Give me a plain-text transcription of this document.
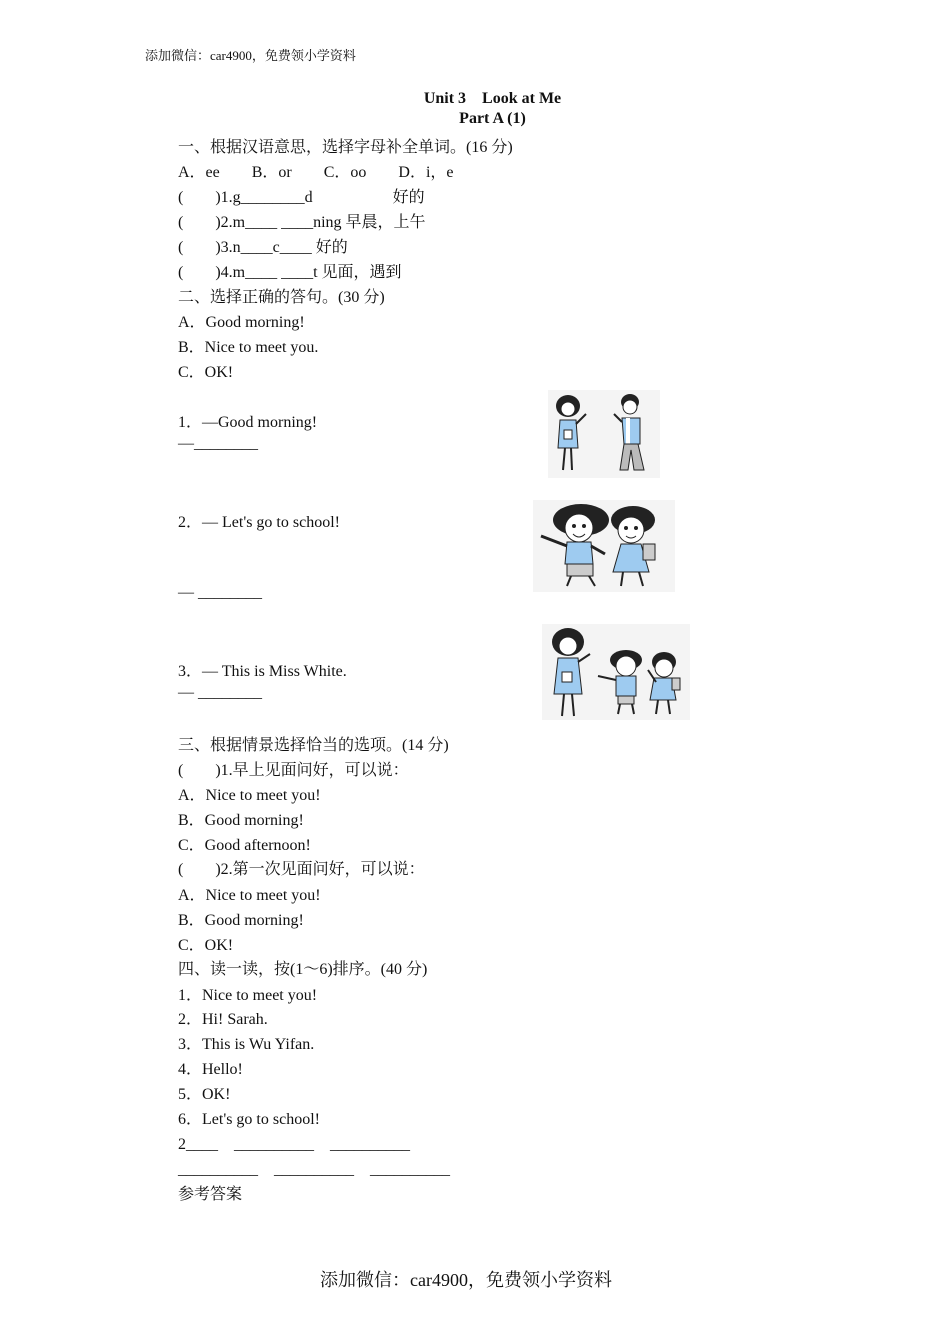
添加微信：car4900，免费领小学资料
Unit 3　Look at Me
Part A (1)
一、根据汉语意思，选择字母补全单词。(16 分)
A．ee　　B．or　　C．oo　　D．i，e
(　　)1.g________d　　　　　好的
(　　)2.m____ ____ning 早晨，上午
(　　)3.n____c____ 好的
(　　)4.m____ ____t 见面，遇到
二、选择正确的答句。(30 分)
A．Good morning!
B．Nice to meet you.
C．OK!
1．—Good morning!
—________
2．— Let's go to school!
— ________
3．— This is Miss White.
— ________
三、根据情景选择恰当的选项。(14 分)
(　　)1.早上见面问好，可以说：
A．Nice to meet you!
B．Good morning!
C．Good afternoon!
(　　)2.第一次见面问好，可以说：
A．Nice to meet you!
B．Good morning!
C．OK!
四、读一读，按(1～6)排序。(40 分)
1．Nice to meet you!
2．Hi! Sarah.
3．This is Wu Yifan.
4．Hello!
5．OK!
6．Let's go to school!
2____　__________　__________
__________　__________　__________
参考答案
添加微信：car4900，免费领小学资料
